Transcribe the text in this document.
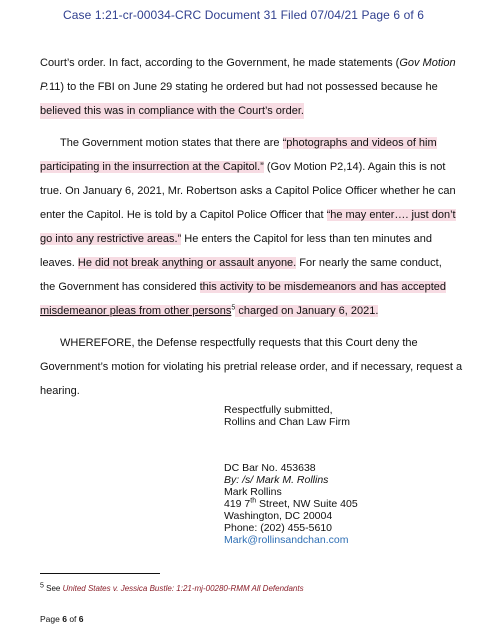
Case 1:21-cr-00034-CRC Document 31 Filed 07/04/21 Page 6 of 6
Court’s order. In fact, according to the Government, he made statements (Gov Motion
P.11) to the FBI on June 29 stating he ordered but had not possessed because he
believed this was in compliance with the Court’s order.
The Government motion states that there are “photographs and videos of him
participating in the insurrection at the Capitol.” (Gov Motion P2,14). Again this is not
true. On January 6, 2021, Mr. Robertson asks a Capitol Police Officer whether he can
enter the Capitol. He is told by a Capitol Police Officer that “he may enter…. just don’t
go into any restrictive areas.” He enters the Capitol for less than ten minutes and
leaves. He did not break anything or assault anyone. For nearly the same conduct,
the Government has considered this activity to be misdemeanors and has accepted
misdemeanor pleas from other persons$^5$ charged on January 6, 2021.
WHEREFORE, the Defense respectfully requests that this Court deny the
Government’s motion for violating his pretrial release order, and if necessary, request a
hearing.
Respectfully submitted,
Rollins and Chan Law Firm
DC Bar No. 453638
By: /s/ Mark M. Rollins
Mark Rollins
419 7th Street, NW Suite 405
Washington, DC 20004
Phone: (202) 455-5610
Mark@rollinsandchan.com
5 See United States v. Jessica Bustle: 1:21-mj-00280-RMM All Defendants
Page 6 of 6
